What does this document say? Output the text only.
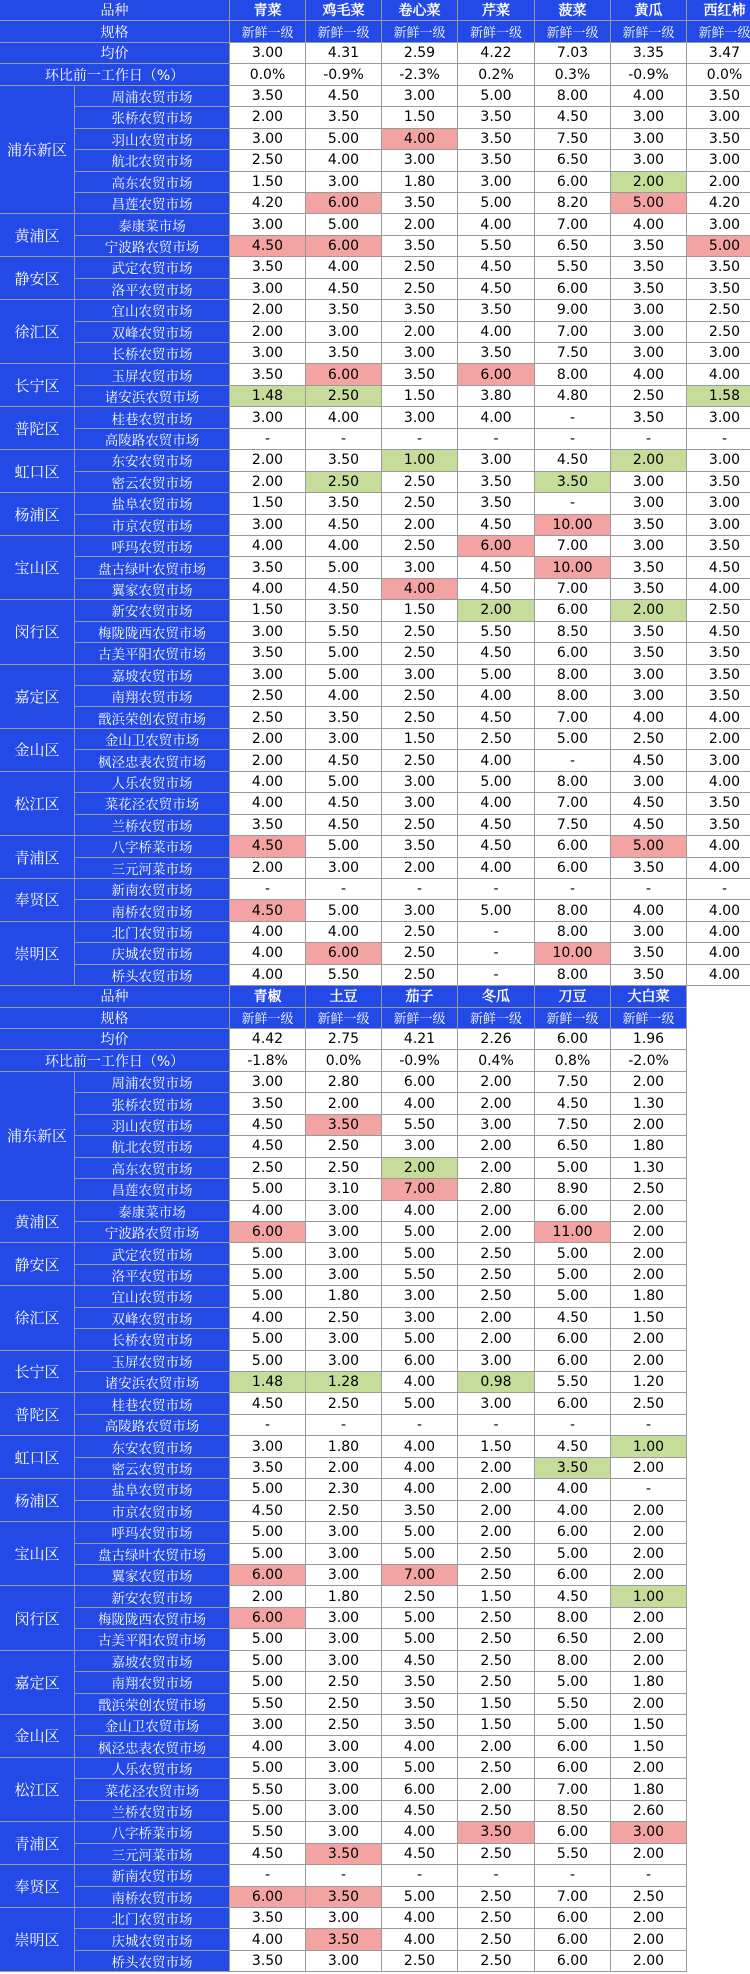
品种	青菜	鸡毛菜	卷心菜	芹菜	菠菜	黄瓜	西红柿
规格	新鲜一级	新鲜一级	新鲜一级	新鲜一级	新鲜一级	新鲜一级	新鲜一级
均价	3.00	4.31	2.59	4.22	7.03	3.35	3.47
环比前一工作日（%）	0.0%	-0.9%	-2.3%	0.2%	0.3%	-0.9%	0.0%
浦东新区
周浦农贸市场	3.50	4.50	3.00	5.00	8.00	4.00	3.50
张桥农贸市场	2.00	3.50	1.50	3.50	4.50	3.00	3.00
羽山农贸市场	3.00	5.00	4.00	3.50	7.50	3.00	3.50
航北农贸市场	2.50	4.00	3.00	3.50	6.50	3.00	3.00
高东农贸市场	1.50	3.00	1.80	3.00	6.00	2.00	2.00
昌莲农贸市场	4.20	6.00	3.50	5.00	8.20	5.00	4.20
黄浦区
泰康菜市场	3.00	5.00	2.00	4.00	7.00	4.00	3.00
宁波路农贸市场	4.50	6.00	3.50	5.50	6.50	3.50	5.00
静安区
武定农贸市场	3.50	4.00	2.50	4.50	5.50	3.50	3.50
洛平农贸市场	3.00	4.50	2.50	4.50	6.00	3.50	3.50
徐汇区
宜山农贸市场	2.00	3.50	3.50	3.50	9.00	3.00	2.50
双峰农贸市场	2.00	3.00	2.00	4.00	7.00	3.00	2.50
长桥农贸市场	3.00	3.50	3.00	3.50	7.50	3.00	3.00
长宁区
玉屏农贸市场	3.50	6.00	3.50	6.00	8.00	4.00	4.00
诸安浜农贸市场	1.48	2.50	1.50	3.80	4.80	2.50	1.58
普陀区
桂巷农贸市场	3.00	4.00	3.00	4.00	-	3.50	3.00
高陵路农贸市场	-	-	-	-	-	-	-
虹口区
东安农贸市场	2.00	3.50	1.00	3.00	4.50	2.00	3.00
密云农贸市场	2.00	2.50	2.50	3.50	3.50	3.00	3.50
杨浦区
盐阜农贸市场	1.50	3.50	2.50	3.50	-	3.00	3.00
市京农贸市场	3.00	4.50	2.00	4.50	10.00	3.50	3.00
宝山区
呼玛农贸市场	4.00	4.00	2.50	6.00	7.00	3.00	3.50
盘古绿叶农贸市场	3.50	5.00	3.00	4.50	10.00	3.50	4.50
翼家农贸市场	4.00	4.50	4.00	4.50	7.00	3.50	4.00
闵行区
新安农贸市场	1.50	3.50	1.50	2.00	6.00	2.00	2.50
梅陇陇西农贸市场	3.00	5.50	2.50	5.50	8.50	3.50	4.50
古美平阳农贸市场	3.50	5.00	2.50	4.50	6.00	3.50	3.50
嘉定区
嘉坡农贸市场	3.00	5.00	3.00	5.00	8.00	3.00	3.50
南翔农贸市场	2.50	4.00	2.50	4.00	8.00	3.00	3.50
戬浜荣创农贸市场	2.50	3.50	2.50	4.50	7.00	4.00	4.00
金山区
金山卫农贸市场	2.00	3.00	1.50	2.50	5.00	2.50	2.00
枫泾忠表农贸市场	2.00	4.50	2.50	4.00	-	4.50	3.00
松江区
人乐农贸市场	4.00	5.00	3.00	5.00	8.00	3.00	4.00
菜花泾农贸市场	4.00	4.50	3.00	4.00	7.00	4.50	3.50
兰桥农贸市场	3.50	4.50	2.50	4.50	7.50	4.50	3.50
青浦区
八字桥菜市场	4.50	5.00	3.50	4.50	6.00	5.00	4.00
三元河菜市场	2.00	3.00	2.00	4.00	6.00	3.50	4.00
奉贤区
新南农贸市场	-	-	-	-	-	-	-
南桥农贸市场	4.50	5.00	3.00	5.00	8.00	4.00	4.00
崇明区
北门农贸市场	4.00	4.00	2.50	-	8.00	3.00	4.00
庆城农贸市场	4.00	6.00	2.50	-	10.00	3.50	4.00
桥头农贸市场	4.00	5.50	2.50	-	8.00	3.50	4.00
品种	青椒	土豆	茄子	冬瓜	刀豆	大白菜
规格	新鲜一级	新鲜一级	新鲜一级	新鲜一级	新鲜一级	新鲜一级
均价	4.42	2.75	4.21	2.26	6.00	1.96
环比前一工作日（%）	-1.8%	0.0%	-0.9%	0.4%	0.8%	-2.0%
浦东新区
周浦农贸市场	3.00	2.80	6.00	2.00	7.50	2.00
张桥农贸市场	3.50	2.00	4.00	2.00	4.50	1.30
羽山农贸市场	4.50	3.50	5.50	3.00	7.50	2.00
航北农贸市场	4.50	2.50	3.00	2.00	6.50	1.80
高东农贸市场	2.50	2.50	2.00	2.00	5.00	1.30
昌莲农贸市场	5.00	3.10	7.00	2.80	8.90	2.50
黄浦区
泰康菜市场	4.00	3.00	4.00	2.00	6.00	2.00
宁波路农贸市场	6.00	3.00	5.00	2.00	11.00	2.00
静安区
武定农贸市场	5.00	3.00	5.00	2.50	5.00	2.00
洛平农贸市场	5.00	3.00	5.50	2.50	5.00	2.00
徐汇区
宜山农贸市场	5.00	1.80	3.00	2.50	5.00	1.80
双峰农贸市场	4.00	2.50	3.00	2.00	4.50	1.50
长桥农贸市场	5.00	3.00	5.00	2.00	6.00	2.00
长宁区
玉屏农贸市场	5.00	3.00	6.00	3.00	6.00	2.00
诸安浜农贸市场	1.48	1.28	4.00	0.98	5.50	1.20
普陀区
桂巷农贸市场	4.50	2.50	5.00	3.00	6.00	2.50
高陵路农贸市场	-	-	-	-	-	-
虹口区
东安农贸市场	3.00	1.80	4.00	1.50	4.50	1.00
密云农贸市场	3.50	2.00	4.00	2.00	3.50	2.00
杨浦区
盐阜农贸市场	5.00	2.30	4.00	2.00	4.00	-
市京农贸市场	4.50	2.50	3.50	2.00	4.00	2.00
宝山区
呼玛农贸市场	5.00	3.00	5.00	2.00	6.00	2.00
盘古绿叶农贸市场	5.00	3.00	5.00	2.50	5.00	2.00
翼家农贸市场	6.00	3.00	7.00	2.50	6.00	2.00
闵行区
新安农贸市场	2.00	1.80	2.50	1.50	4.50	1.00
梅陇陇西农贸市场	6.00	3.00	5.00	2.50	8.00	2.00
古美平阳农贸市场	5.00	3.00	5.00	2.50	6.50	2.00
嘉定区
嘉坡农贸市场	5.00	3.00	4.50	2.50	8.00	2.00
南翔农贸市场	5.00	2.50	3.50	2.50	5.00	1.80
戬浜荣创农贸市场	5.50	2.50	3.50	1.50	5.50	2.00
金山区
金山卫农贸市场	3.00	2.50	3.50	1.50	5.00	1.50
枫泾忠表农贸市场	4.00	3.00	4.00	2.00	6.00	1.50
松江区
人乐农贸市场	5.00	3.00	5.00	2.50	6.00	2.00
菜花泾农贸市场	5.50	3.00	6.00	2.00	7.00	1.80
兰桥农贸市场	5.00	3.00	4.50	2.50	8.50	2.60
青浦区
八字桥菜市场	5.50	3.00	4.00	3.50	6.00	3.00
三元河菜市场	4.50	3.50	4.50	2.50	5.50	2.00
奉贤区
新南农贸市场	-	-	-	-	-	-
南桥农贸市场	6.00	3.50	5.00	2.50	7.00	2.50
崇明区
北门农贸市场	3.50	3.00	4.00	2.50	6.00	2.00
庆城农贸市场	4.00	3.50	4.00	2.50	6.00	2.00
桥头农贸市场	3.50	3.00	2.50	2.50	6.00	2.00
